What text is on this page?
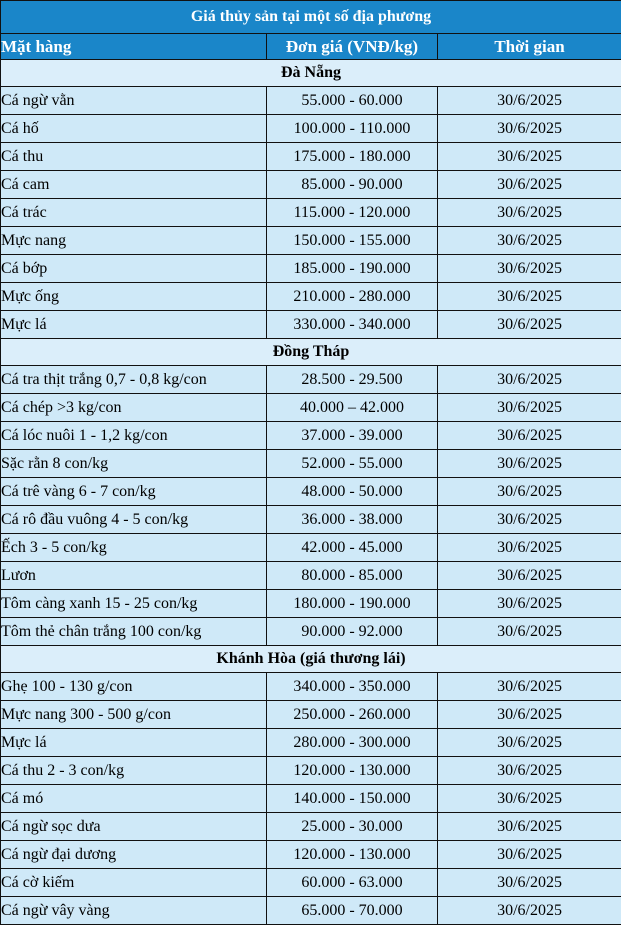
Giá thủy sản tại một số địa phương		
Mặt hàng	Đơn giá (VNĐ/kg)	Thời gian
Đà Nẵng		
Cá ngừ vằn	55.000 - 60.000	30/6/2025
Cá hố	100.000 - 110.000	30/6/2025
Cá thu	175.000 - 180.000	30/6/2025
Cá cam	85.000 - 90.000	30/6/2025
Cá trác	115.000 - 120.000	30/6/2025
Mực nang	150.000 - 155.000	30/6/2025
Cá bớp	185.000 - 190.000	30/6/2025
Mực ống	210.000 - 280.000	30/6/2025
Mực lá	330.000 - 340.000	30/6/2025
Đồng Tháp		
Cá tra thịt trắng 0,7 - 0,8 kg/con	28.500 - 29.500	30/6/2025
Cá chép >3 kg/con	40.000 – 42.000	30/6/2025
Cá lóc nuôi 1 - 1,2 kg/con	37.000 - 39.000	30/6/2025
Sặc rằn 8 con/kg	52.000 - 55.000	30/6/2025
Cá trê vàng 6 - 7 con/kg	48.000 - 50.000	30/6/2025
Cá rô đầu vuông 4 - 5 con/kg	36.000 - 38.000	30/6/2025
Ếch 3 - 5 con/kg	42.000 - 45.000	30/6/2025
Lươn	80.000 - 85.000	30/6/2025
Tôm càng xanh 15 - 25 con/kg	180.000 - 190.000	30/6/2025
Tôm thẻ chân trắng 100 con/kg	90.000 - 92.000	30/6/2025
Khánh Hòa (giá thương lái)		
Ghẹ 100 - 130 g/con	340.000 - 350.000	30/6/2025
Mực nang 300 - 500 g/con	250.000 - 260.000	30/6/2025
Mực lá	280.000 - 300.000	30/6/2025
Cá thu 2 - 3 con/kg	120.000 - 130.000	30/6/2025
Cá mó	140.000 - 150.000	30/6/2025
Cá ngừ sọc dưa	25.000 - 30.000	30/6/2025
Cá ngừ đại dương	120.000 - 130.000	30/6/2025
Cá cờ kiếm	60.000 - 63.000	30/6/2025
Cá ngừ vây vàng	65.000 - 70.000	30/6/2025
